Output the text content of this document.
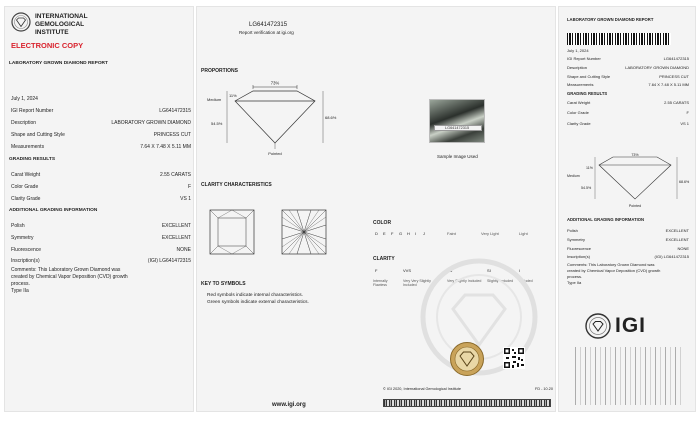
INTERNATIONAL
GEMOLOGICAL
INSTITUTE
ELECTRONIC COPY
LABORATORY GROWN DIAMOND REPORT
July 1, 2024
IGI Report Number	LG641472315
Description	LABORATORY GROWN DIAMOND
Shape and Cutting Style	PRINCESS CUT
Measurements	7.64 X 7.48 X 5.11 MM
GRADING RESULTS
Carat Weight	2.55 CARATS
Color Grade	F
Clarity Grade	VS 1
ADDITIONAL GRADING INFORMATION
Polish	EXCELLENT
Symmetry	EXCELLENT
Fluorescence	NONE
Inscription(s)	(IGI) LG641472315
Comments: This Laboratory Grown Diamond was
created by Chemical Vapor Deposition (CVD) growth
process.
Type IIa
LG641472315
Report verification at igi.org
PROPORTIONS
73%
Medium
11%
54.5%
68.6%
Pointed
LG641472315
Sample Image Used
CLARITY CHARACTERISTICS
COLOR
D E F G H I J	Faint	Very Light	Light
CLARITY
F	VVS	VS	SI	I
Internally Flawless
Very Very Slightly Included
Very Slightly Included	Slightly Included	Included
KEY TO SYMBOLS
Red symbols indicate internal characteristics.
Green symbols indicate external characteristics.
© IGI 2020, International Gemological Institute	FD - 10.20
www.igi.org
LABORATORY GROWN DIAMOND REPORT
July 1, 2024
IGI Report Number	LG641472315
Description	LABORATORY GROWN DIAMOND
Shape and Cutting Style	PRINCESS CUT
Measurements	7.64 X 7.48 X 5.11 MM
GRADING RESULTS
Carat Weight	2.55 CARATS
Color Grade	F
Clarity Grade	VS 1
73%
Medium
11%
54.5%
68.6%
Pointed
ADDITIONAL GRADING INFORMATION
Polish	EXCELLENT
Symmetry	EXCELLENT
Fluorescence	NONE
Inscription(s)	(IGI) LG641472315
Comments: This Laboratory Grown Diamond was
created by Chemical Vapor Deposition (CVD) growth
process.
Type IIa
IGI
